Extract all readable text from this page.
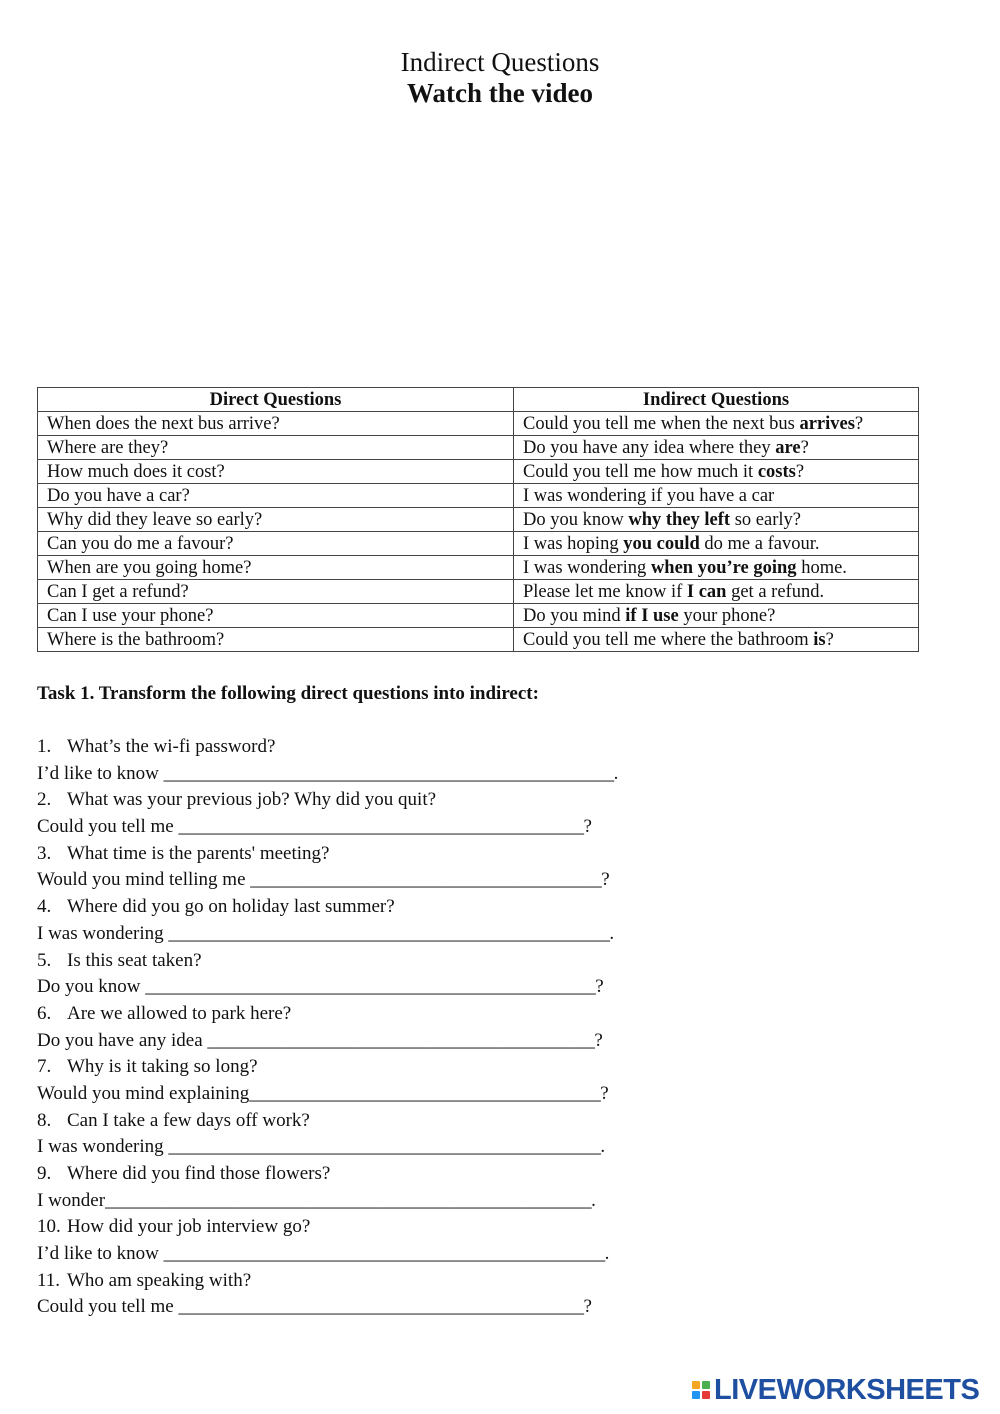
Indirect Questions
Watch the video
Direct Questions	Indirect Questions
When does the next bus arrive?	Could you tell me when the next bus arrives?
Where are they?	Do you have any idea where they are?
How much does it cost?	Could you tell me how much it costs?
Do you have a car?	I was wondering if you have a car
Why did they leave so early?	Do you know why they left so early?
Can you do me a favour?	I was hoping you could do me a favour.
When are you going home?	I was wondering when you’re going home.
Can I get a refund?	Please let me know if I can get a refund.
Can I use your phone?	Do you mind if I use your phone?
Where is the bathroom?	Could you tell me where the bathroom is?
Task 1. Transform the following direct questions into indirect:
1. What’s the wi-fi password?
I’d like to know __________________________________________________.
2. What was your previous job? Why did you quit?
Could you tell me _____________________________________________?
3. What time is the parents' meeting?
Would you mind telling me _______________________________________?
4. Where did you go on holiday last summer?
I was wondering _________________________________________________.
5. Is this seat taken?
Do you know __________________________________________________?
6. Are we allowed to park here?
Do you have any idea ___________________________________________?
7. Why is it taking so long?
Would you mind explaining_______________________________________?
8. Can I take a few days off work?
I was wondering ________________________________________________.
9. Where did you find those flowers?
I wonder______________________________________________________.
10. How did your job interview go?
I’d like to know _________________________________________________.
11. Who am speaking with?
Could you tell me _____________________________________________?
LIVEWORKSHEETS
